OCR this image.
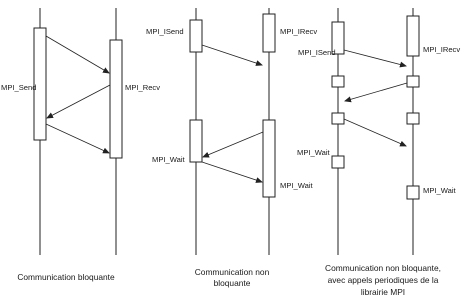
MPI_Send	MPI_Recv
Communication bloquante
MPI_ISend	MPI_IRecv
MPI_Wait
MPI_Wait
Communication non
bloquante
MPI_ISend	MPI_IRecv
MPI_Wait
MPI_Wait
Communication non bloquante,
avec appels periodiques de la
librairie MPI
